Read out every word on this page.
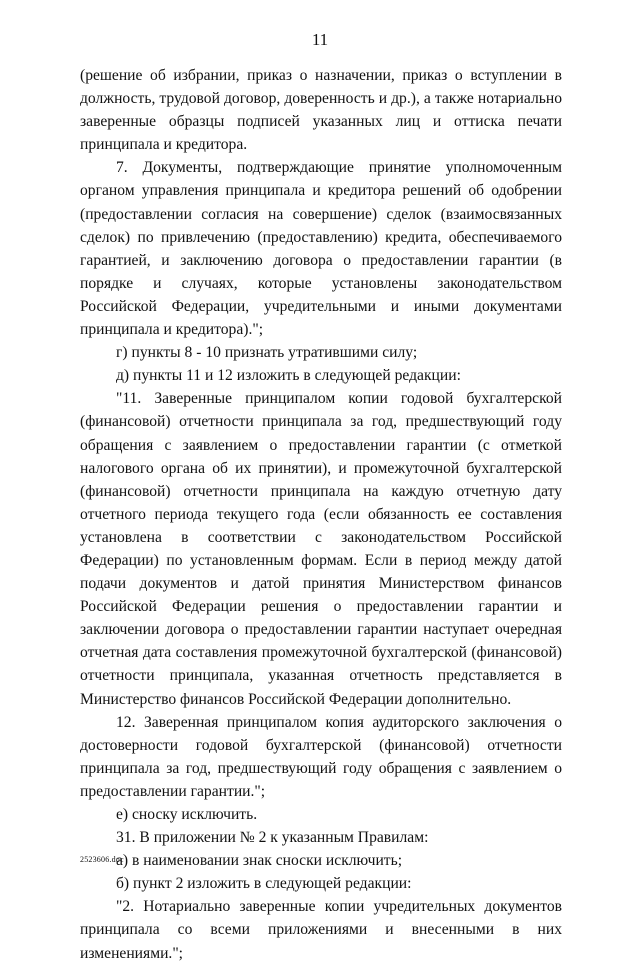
11

(решение об избрании, приказ о назначении, приказ о вступлении в должность, трудовой договор, доверенность и др.), а также нотариально заверенные образцы подписей указанных лиц и оттиска печати принципала и кредитора.

7. Документы, подтверждающие принятие уполномоченным органом управления принципала и кредитора решений об одобрении (предоставлении согласия на совершение) сделок (взаимосвязанных сделок) по привлечению (предоставлению) кредита, обеспечиваемого гарантией, и заключению договора о предоставлении гарантии (в порядке и случаях, которые установлены законодательством Российской Федерации, учредительными и иными документами принципала и кредитора).";

г) пункты 8 - 10 признать утратившими силу;

д) пункты 11 и 12 изложить в следующей редакции:

"11. Заверенные принципалом копии годовой бухгалтерской (финансовой) отчетности принципала за год, предшествующий году обращения с заявлением о предоставлении гарантии (с отметкой налогового органа об их принятии), и промежуточной бухгалтерской (финансовой) отчетности принципала на каждую отчетную дату отчетного периода текущего года (если обязанность ее составления установлена в соответствии с законодательством Российской Федерации) по установленным формам. Если в период между датой подачи документов и датой принятия Министерством финансов Российской Федерации решения о предоставлении гарантии и заключении договора о предоставлении гарантии наступает очередная отчетная дата составления промежуточной бухгалтерской (финансовой) отчетности принципала, указанная отчетность представляется в Министерство финансов Российской Федерации дополнительно.

12. Заверенная принципалом копия аудиторского заключения о достоверности годовой бухгалтерской (финансовой) отчетности принципала за год, предшествующий году обращения с заявлением о предоставлении гарантии.";

е) сноску исключить.

31. В приложении № 2 к указанным Правилам:

а) в наименовании знак сноски исключить;

б) пункт 2 изложить в следующей редакции:

"2. Нотариально заверенные копии учредительных документов принципала со всеми приложениями и внесенными в них изменениями.";

2523606.doc
